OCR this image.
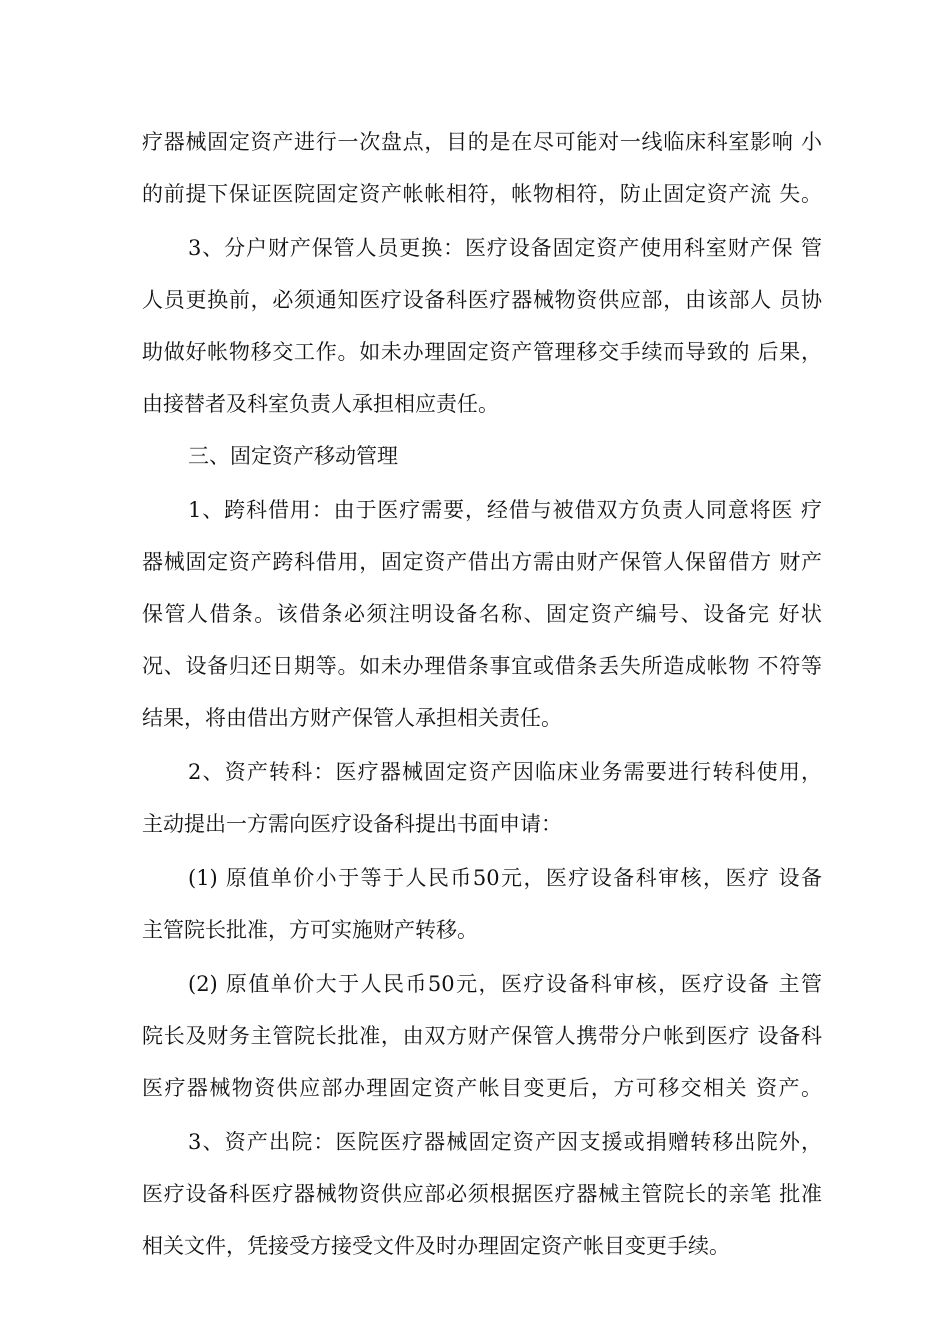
疗器械固定资产进行一次盘点，目的是在尽可能对一线临床科室影响 小
的前提下保证医院固定资产帐帐相符，帐物相符，防止固定资产流 失。
3、分户财产保管人员更换：医疗设备固定资产使用科室财产保 管
人员更换前，必须通知医疗设备科医疗器械物资供应部，由该部人 员协
助做好帐物移交工作。如未办理固定资产管理移交手续而导致的 后果，
由接替者及科室负责人承担相应责任。
三、固定资产移动管理
1、跨科借用：由于医疗需要，经借与被借双方负责人同意将医 疗
器械固定资产跨科借用，固定资产借出方需由财产保管人保留借方 财产
保管人借条。该借条必须注明设备名称、固定资产编号、设备完 好状
况、设备归还日期等。如未办理借条事宜或借条丢失所造成帐物 不符等
结果，将由借出方财产保管人承担相关责任。
2、资产转科：医疗器械固定资产因临床业务需要进行转科使用，
主动提出一方需向医疗设备科提出书面申请：
(1) 原值单价小于等于人民币50元，医疗设备科审核，医疗 设备
主管院长批准，方可实施财产转移。
(2) 原值单价大于人民币50元，医疗设备科审核，医疗设备 主管
院长及财务主管院长批准，由双方财产保管人携带分户帐到医疗 设备科
医疗器械物资供应部办理固定资产帐目变更后，方可移交相关 资产。
3、资产出院：医院医疗器械固定资产因支援或捐赠转移出院外，
医疗设备科医疗器械物资供应部必须根据医疗器械主管院长的亲笔 批准
相关文件，凭接受方接受文件及时办理固定资产帐目变更手续。
